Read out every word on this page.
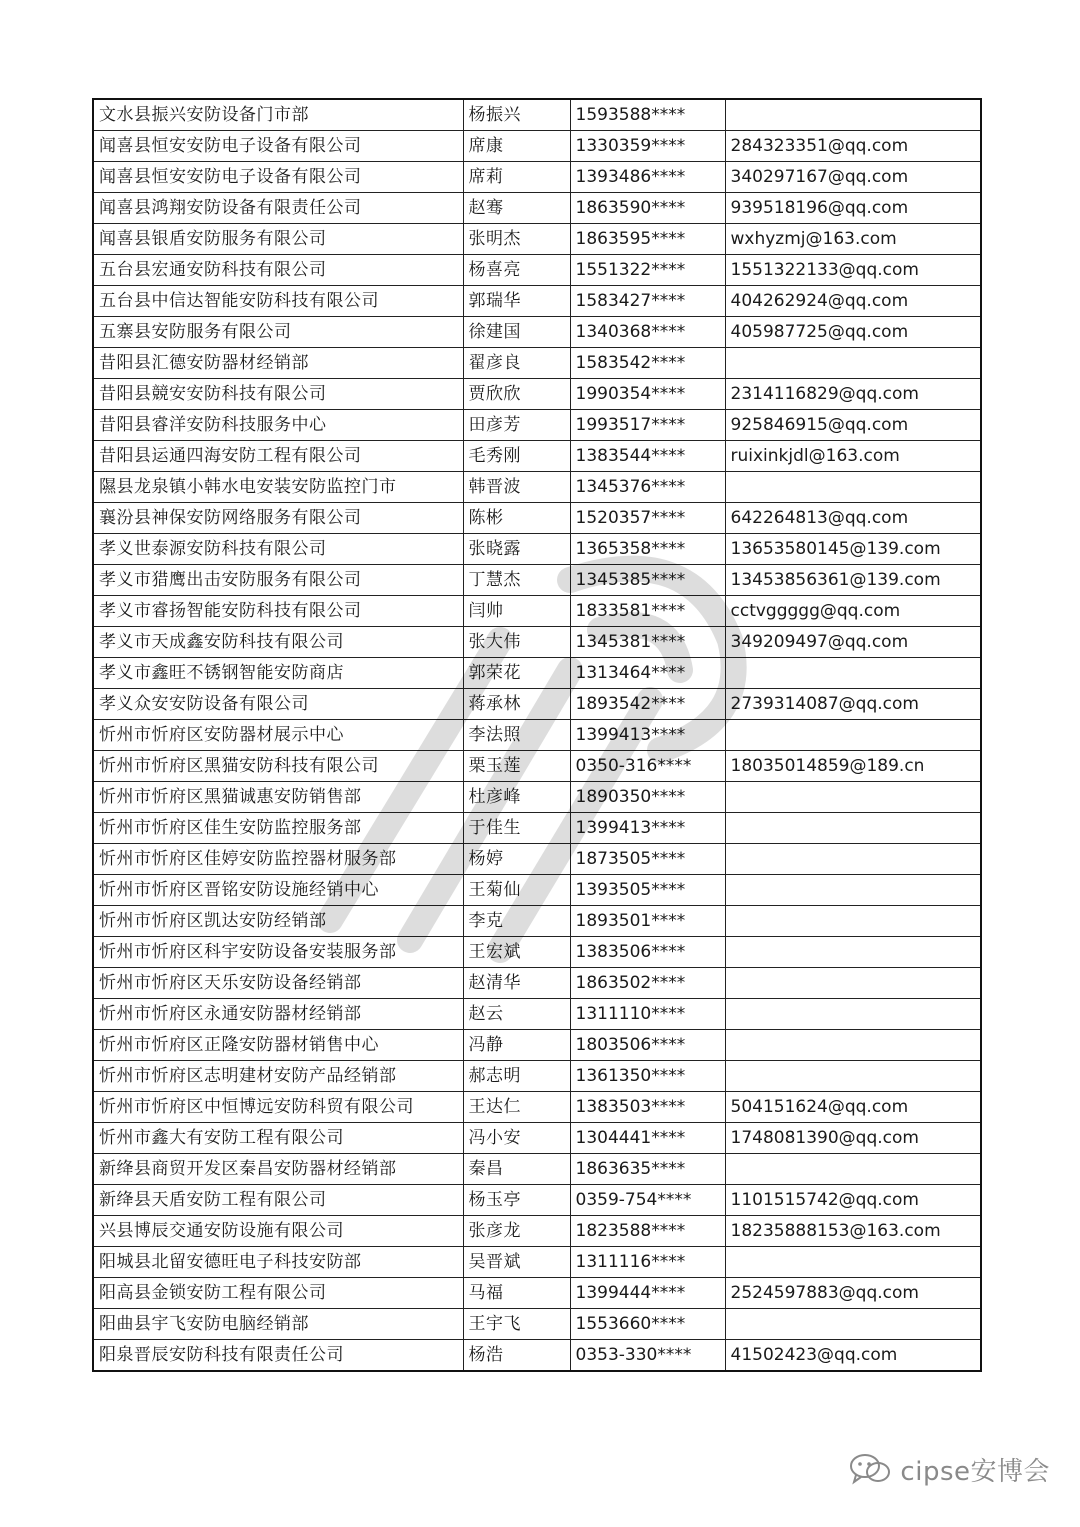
文水县振兴安防设备门市部	杨振兴	1593588****	
闻喜县恒安安防电子设备有限公司	席康	1330359****	284323351@qq.com
闻喜县恒安安防电子设备有限公司	席莉	1393486****	340297167@qq.com
闻喜县鸿翔安防设备有限责任公司	赵骞	1863590****	939518196@qq.com
闻喜县银盾安防服务有限公司	张明杰	1863595****	wxhyzmj@163.com
五台县宏通安防科技有限公司	杨喜亮	1551322****	1551322133@qq.com
五台县中信达智能安防科技有限公司	郭瑞华	1583427****	404262924@qq.com
五寨县安防服务有限公司	徐建国	1340368****	405987725@qq.com
昔阳县汇德安防器材经销部	翟彦良	1583542****	
昔阳县競安安防科技有限公司	贾欣欣	1990354****	2314116829@qq.com
昔阳县睿洋安防科技服务中心	田彦芳	1993517****	925846915@qq.com
昔阳县运通四海安防工程有限公司	毛秀刚	1383544****	ruixinkjdl@163.com
隰县龙泉镇小韩水电安装安防监控门市	韩晋波	1345376****	
襄汾县神保安防网络服务有限公司	陈彬	1520357****	642264813@qq.com
孝义世泰源安防科技有限公司	张晓露	1365358****	13653580145@139.com
孝义市猎鹰出击安防服务有限公司	丁慧杰	1345385****	13453856361@139.com
孝义市睿扬智能安防科技有限公司	闫帅	1833581****	cctvggggg@qq.com
孝义市天成鑫安防科技有限公司	张大伟	1345381****	349209497@qq.com
孝义市鑫旺不锈钢智能安防商店	郭荣花	1313464****	
孝义众安安防设备有限公司	蒋承林	1893542****	2739314087@qq.com
忻州市忻府区安防器材展示中心	李法照	1399413****	
忻州市忻府区黑猫安防科技有限公司	栗玉莲	0350-316****	18035014859@189.cn
忻州市忻府区黑猫诚惠安防销售部	杜彦峰	1890350****	
忻州市忻府区佳生安防监控服务部	于佳生	1399413****	
忻州市忻府区佳婷安防监控器材服务部	杨婷	1873505****	
忻州市忻府区晋铭安防设施经销中心	王菊仙	1393505****	
忻州市忻府区凯达安防经销部	李克	1893501****	
忻州市忻府区科宇安防设备安装服务部	王宏斌	1383506****	
忻州市忻府区天乐安防设备经销部	赵清华	1863502****	
忻州市忻府区永通安防器材经销部	赵云	1311110****	
忻州市忻府区正隆安防器材销售中心	冯静	1803506****	
忻州市忻府区志明建材安防产品经销部	郝志明	1361350****	
忻州市忻府区中恒博远安防科贸有限公司	王达仁	1383503****	504151624@qq.com
忻州市鑫大有安防工程有限公司	冯小安	1304441****	1748081390@qq.com
新绛县商贸开发区秦昌安防器材经销部	秦昌	1863635****	
新绛县天盾安防工程有限公司	杨玉亭	0359-754****	1101515742@qq.com
兴县博辰交通安防设施有限公司	张彦龙	1823588****	18235888153@163.com
阳城县北留安德旺电子科技安防部	吴晋斌	1311116****	
阳高县金锁安防工程有限公司	马福	1399444****	2524597883@qq.com
阳曲县宇飞安防电脑经销部	王宇飞	1553660****	
阳泉晋辰安防科技有限责任公司	杨浩	0353-330****	41502423@qq.com
cipse安博会
